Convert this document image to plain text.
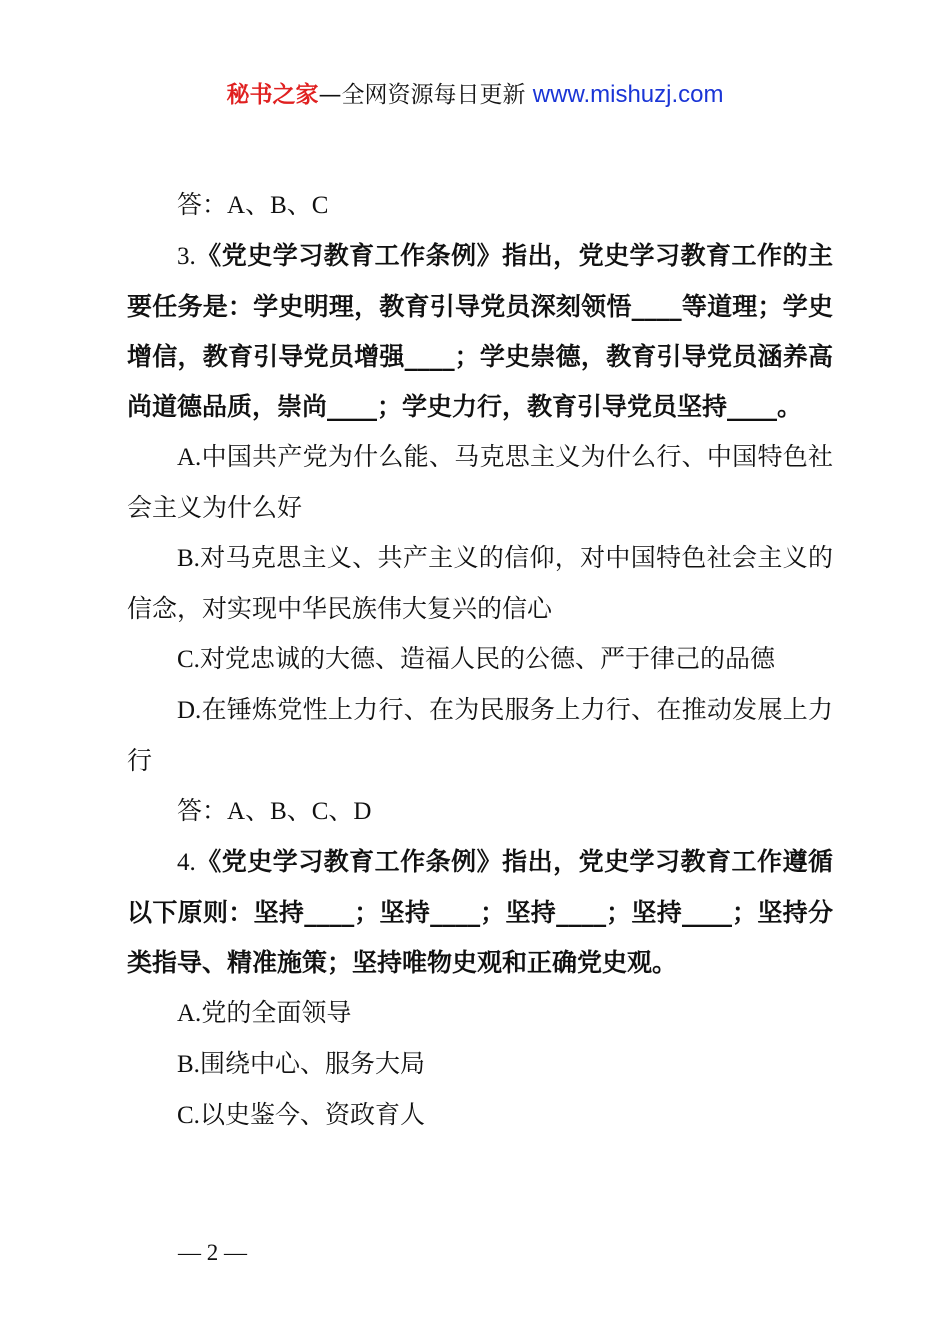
秘书之家—全网资源每日更新 www.mishuzj.com

答：A、B、C

3.《党史学习教育工作条例》指出，党史学习教育工作的主要任务是：学史明理，教育引导党员深刻领悟____等道理；学史增信，教育引导党员增强____；学史崇德，教育引导党员涵养高尚道德品质，崇尚____；学史力行，教育引导党员坚持____。

A.中国共产党为什么能、马克思主义为什么行、中国特色社会主义为什么好

B.对马克思主义、共产主义的信仰，对中国特色社会主义的信念，对实现中华民族伟大复兴的信心

C.对党忠诚的大德、造福人民的公德、严于律己的品德

D.在锤炼党性上力行、在为民服务上力行、在推动发展上力行

答：A、B、C、D

4.《党史学习教育工作条例》指出，党史学习教育工作遵循以下原则：坚持____；坚持____；坚持____；坚持____；坚持分类指导、精准施策；坚持唯物史观和正确党史观。

A.党的全面领导

B.围绕中心、服务大局

C.以史鉴今、资政育人

— 2 —
